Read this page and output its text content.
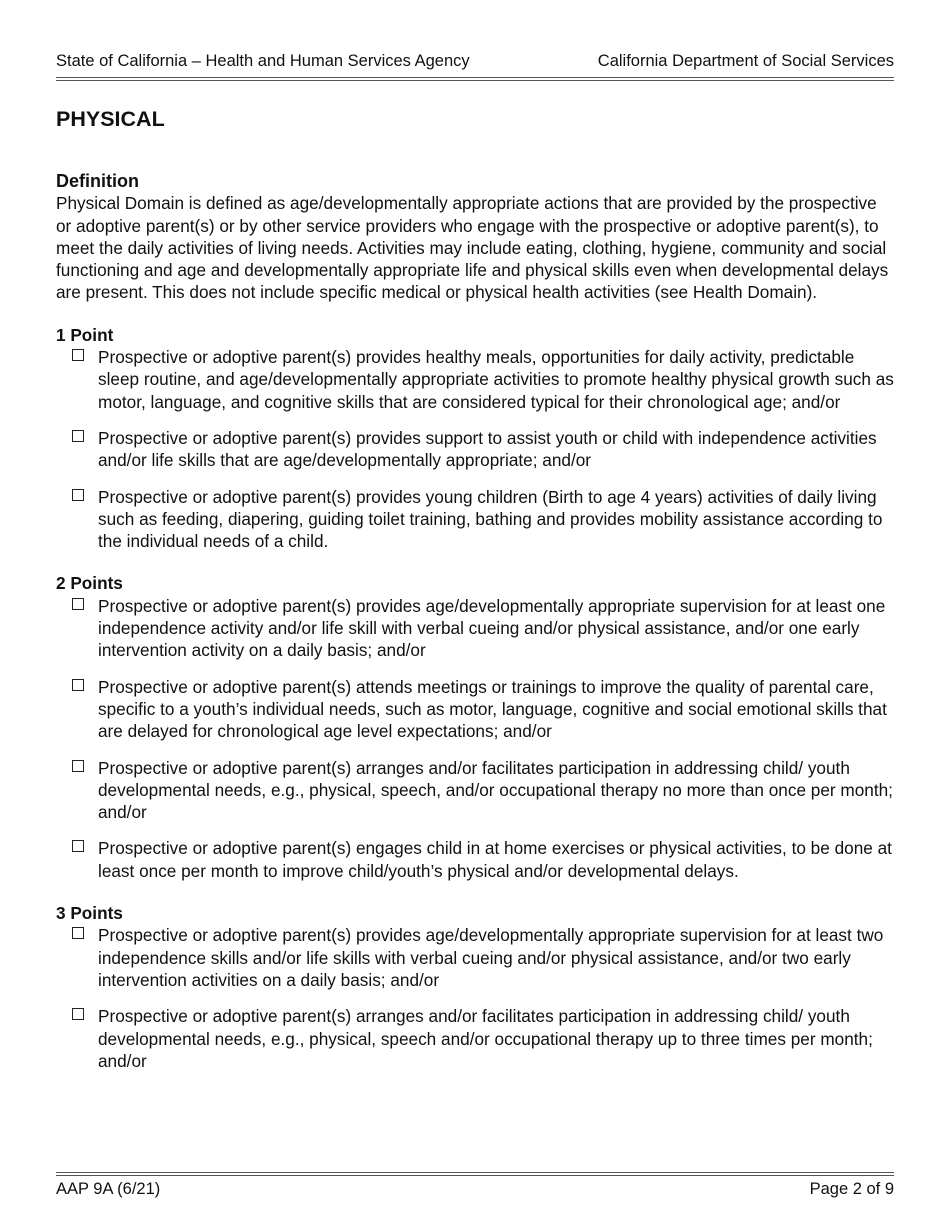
State of California – Health and Human Services Agency	California Department of Social Services
PHYSICAL
Definition

Physical Domain is defined as age/developmentally appropriate actions that are provided by the prospective or adoptive parent(s) or by other service providers who engage with the prospective or adoptive parent(s), to meet the daily activities of living needs. Activities may include eating, clothing, hygiene, community and social functioning and age and developmentally appropriate life and physical skills even when developmental delays are present. This does not include specific medical or physical health activities (see Health Domain).

1 Point

Prospective or adoptive parent(s) provides healthy meals, opportunities for daily activity, predictable sleep routine, and age/developmentally appropriate activities to promote healthy physical growth such as motor, language, and cognitive skills that are considered typical for their chronological age; and/or
Prospective or adoptive parent(s) provides support to assist youth or child with independence activities and/or life skills that are age/developmentally appropriate; and/or
Prospective or adoptive parent(s) provides young children (Birth to age 4 years) activities of daily living such as feeding, diapering, guiding toilet training, bathing and provides mobility assistance according to the individual needs of a child.

2 Points

Prospective or adoptive parent(s) provides age/developmentally appropriate supervision for at least one independence activity and/or life skill with verbal cueing and/or physical assistance, and/or one early intervention activity on a daily basis; and/or
Prospective or adoptive parent(s) attends meetings or trainings to improve the quality of parental care, specific to a youth’s individual needs, such as motor, language, cognitive and social emotional skills that are delayed for chronological age level expectations; and/or
Prospective or adoptive parent(s) arranges and/or facilitates participation in addressing child/ youth developmental needs, e.g., physical, speech, and/or occupational therapy no more than once per month; and/or
Prospective or adoptive parent(s) engages child in at home exercises or physical activities, to be done at least once per month to improve child/youth’s physical and/or developmental delays.

3 Points

Prospective or adoptive parent(s) provides age/developmentally appropriate supervision for at least two independence skills and/or life skills with verbal cueing and/or physical assistance, and/or two early intervention activities on a daily basis; and/or
Prospective or adoptive parent(s) arranges and/or facilitates participation in addressing child/ youth developmental needs, e.g., physical, speech and/or occupational therapy up to three times per month; and/or
AAP 9A (6/21)	Page 2 of 9
